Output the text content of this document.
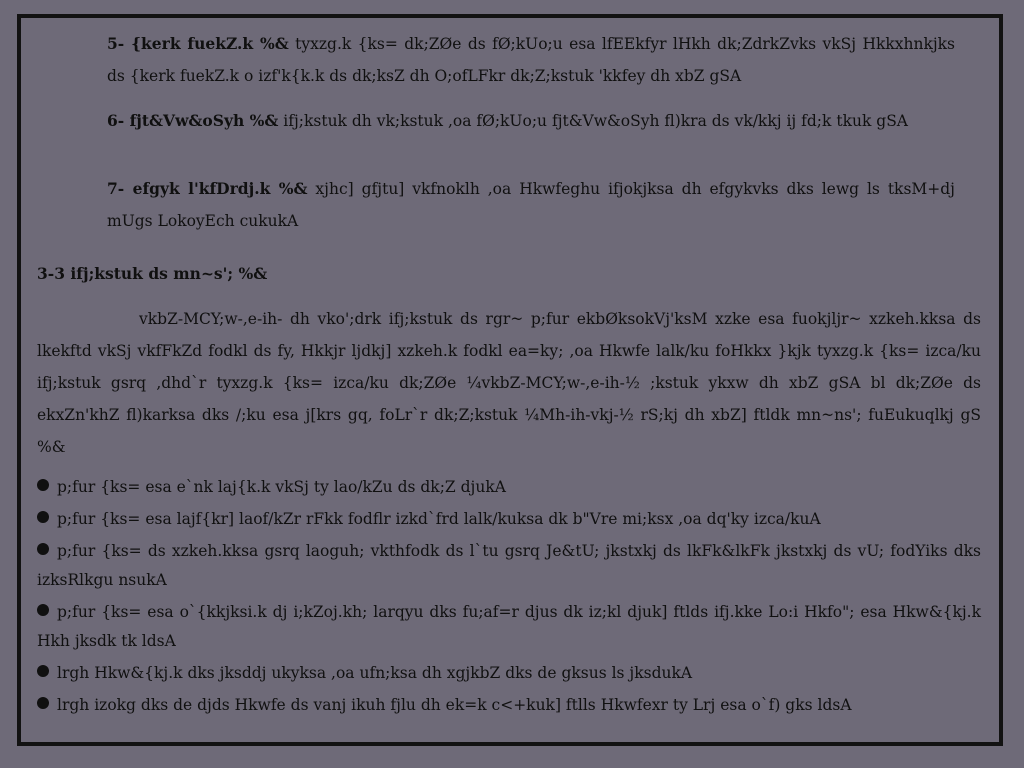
5- {kerk fuekZ.k %& tyxzg.k {ks= dk;ZØe ds fØ;kUo;u esa lfEEkfyr lHkh dk;ZdrkZvks vkSj Hkkxhnkjks ds {kerk fuekZ.k o izf'k{k.k ds dk;ksZ dh O;ofLFkr dk;Z;kstuk 'kkfey dh xbZ gSA

6- fjt&Vw&oSyh %& ifj;kstuk dh vk;kstuk ,oa fØ;kUo;u fjt&Vw&oSyh fl)kra ds vk/kkj ij fd;k tkuk gSA

7- efgyk l'kfDrdj.k %& xjhc] gfjtu] vkfnoklh ,oa Hkwfeghu ifjokjksa dh efgykvks dks lewg ls tksM+dj mUgs LokoyEch cukukA

3-3 ifj;kstuk ds mn~s'; %&

vkbZ-MCY;w-,e-ih- dh vko';drk ifj;kstuk ds rgr~ p;fur ekbØksokVj'ksM xzke esa fuokjljr~ xzkeh.kksa ds lkekftd vkSj vkfFkZd fodkl ds fy, Hkkjr ljdkj] xzkeh.k fodkl ea=ky; ,oa Hkwfe lalk/ku foHkkx }kjk tyxzg.k {ks= izca/ku ifj;kstuk gsrq ,dhd`r tyxzg.k {ks= izca/ku dk;ZØe ¼vkbZ-MCY;w-,e-ih-½ ;kstuk ykxw dh xbZ gSA bl dk;ZØe ds ekxZn'khZ fl)karksa dks /;ku esa j[krs gq, foLr`r dk;Z;kstuk ¼Mh-ih-vkj-½ rS;kj dh xbZ] ftldk mn~ns'; fuEukuqlkj gS %&

p;fur {ks= esa e`nk laj{k.k vkSj ty lao/kZu ds dk;Z djukA
p;fur {ks= esa lajf{kr] laof/kZr rFkk fodflr izkd`frd lalk/kuksa dk b"Vre mi;ksx ,oa dq'ky izca/kuA
p;fur {ks= ds xzkeh.kksa gsrq laoguh; vkthfodk ds l`tu gsrq Je&tU; jkstxkj ds lkFk&lkFk jkstxkj ds vU; fodYiks dks izksRlkgu nsukA
p;fur {ks= esa o`{kkjksi.k dj i;kZoj.kh; larqyu dks fu;af=r djus dk iz;kl djuk] ftlds ifj.kke Lo:i Hkfo"; esa Hkw&{kj.k Hkh jksdk tk ldsA
lrgh Hkw&{kj.k dks jksddj ukyksa ,oa ufn;ksa dh xgjkbZ dks de gksus ls jksdukA
lrgh izokg dks de djds Hkwfe ds vanj ikuh fjlu dh ek=k c<+kuk] ftlls Hkwfexr ty Lrj esa o`f) gks ldsA
